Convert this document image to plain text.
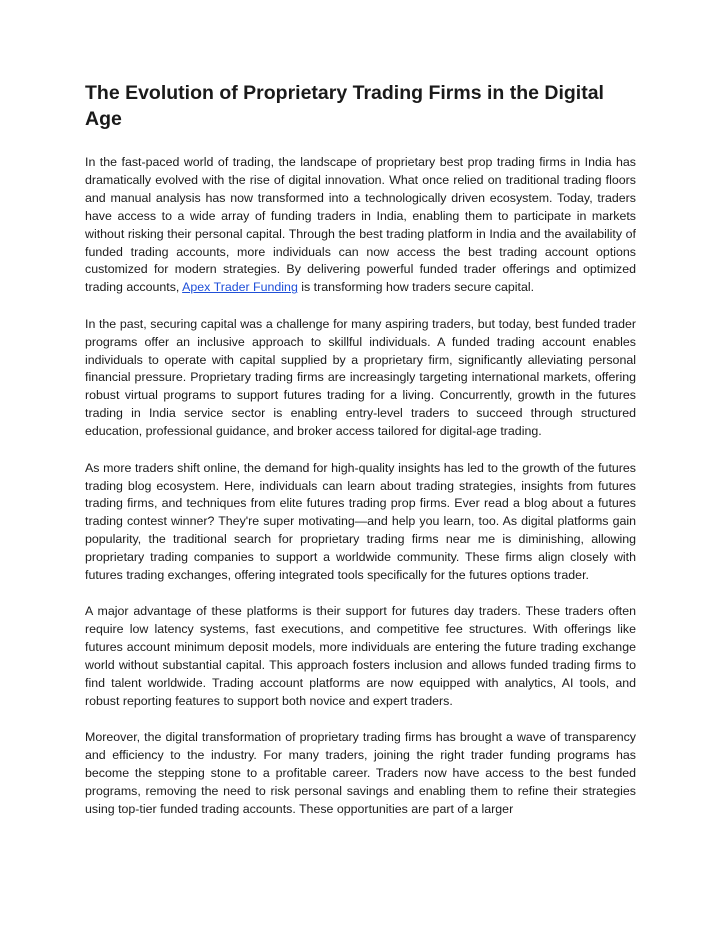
The Evolution of Proprietary Trading Firms in the Digital Age

In the fast-paced world of trading, the landscape of proprietary best prop trading firms in India has dramatically evolved with the rise of digital innovation. What once relied on traditional trading floors and manual analysis has now transformed into a technologically driven ecosystem. Today, traders have access to a wide array of funding traders in India, enabling them to participate in markets without risking their personal capital. Through the best trading platform in India and the availability of funded trading accounts, more individuals can now access the best trading account options customized for modern strategies. By delivering powerful funded trader offerings and optimized trading accounts, Apex Trader Funding is transforming how traders secure capital.

In the past, securing capital was a challenge for many aspiring traders, but today, best funded trader programs offer an inclusive approach to skillful individuals. A funded trading account enables individuals to operate with capital supplied by a proprietary firm, significantly alleviating personal financial pressure. Proprietary trading firms are increasingly targeting international markets, offering robust virtual programs to support futures trading for a living. Concurrently, growth in the futures trading in India service sector is enabling entry-level traders to succeed through structured education, professional guidance, and broker access tailored for digital-age trading.

As more traders shift online, the demand for high-quality insights has led to the growth of the futures trading blog ecosystem. Here, individuals can learn about trading strategies, insights from futures trading firms, and techniques from elite futures trading prop firms. Ever read a blog about a futures trading contest winner? They're super motivating—and help you learn, too. As digital platforms gain popularity, the traditional search for proprietary trading firms near me is diminishing, allowing proprietary trading companies to support a worldwide community. These firms align closely with futures trading exchanges, offering integrated tools specifically for the futures options trader.

A major advantage of these platforms is their support for futures day traders. These traders often require low latency systems, fast executions, and competitive fee structures. With offerings like futures account minimum deposit models, more individuals are entering the future trading exchange world without substantial capital. This approach fosters inclusion and allows funded trading firms to find talent worldwide. Trading account platforms are now equipped with analytics, AI tools, and robust reporting features to support both novice and expert traders.

Moreover, the digital transformation of proprietary trading firms has brought a wave of transparency and efficiency to the industry. For many traders, joining the right trader funding programs has become the stepping stone to a profitable career. Traders now have access to the best funded programs, removing the need to risk personal savings and enabling them to refine their strategies using top-tier funded trading accounts. These opportunities are part of a larger
